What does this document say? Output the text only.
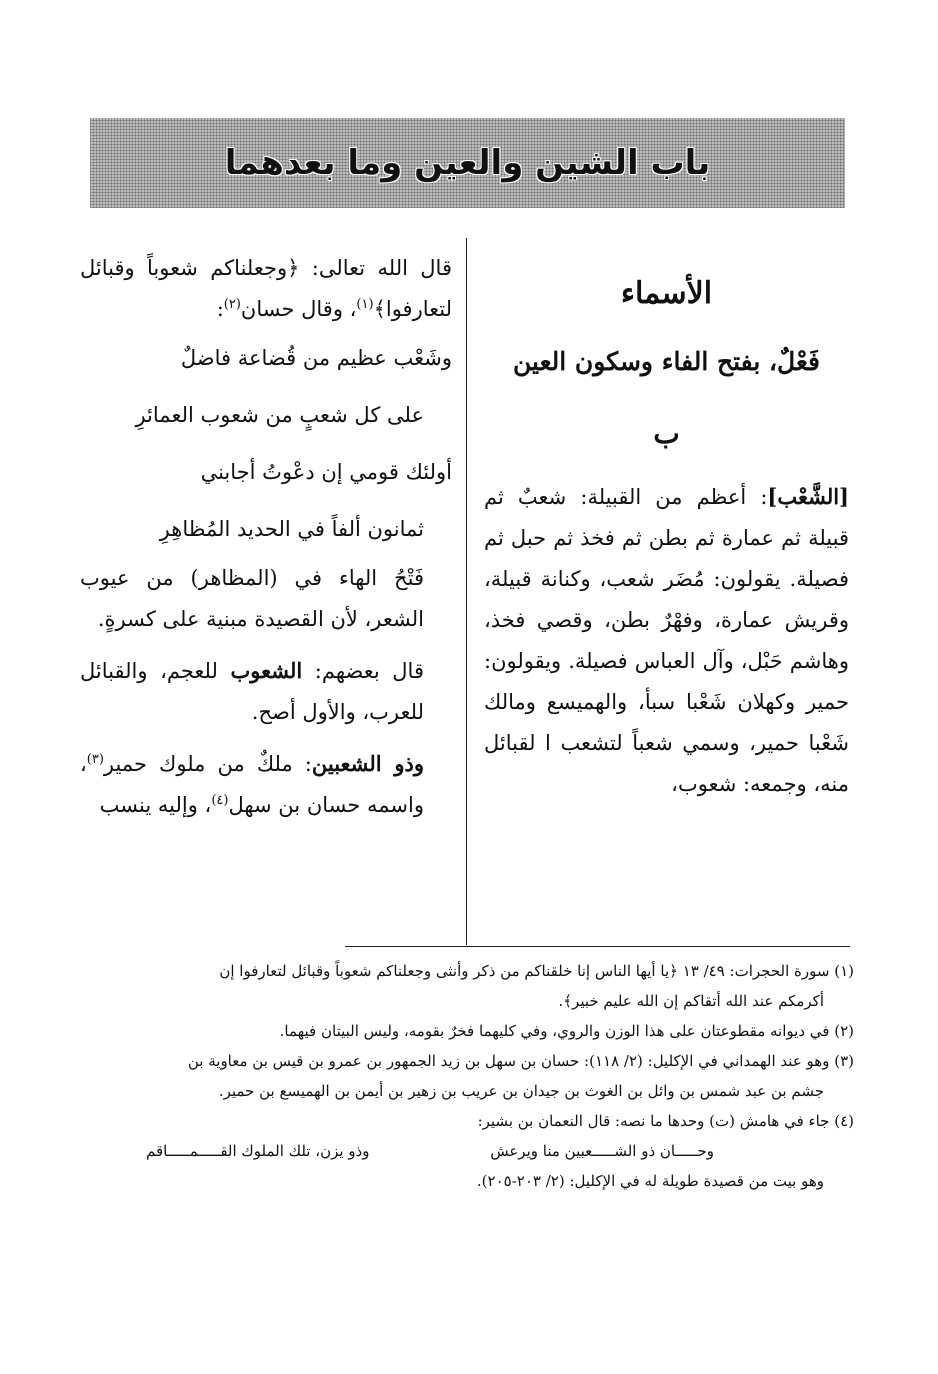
باب الشين والعين وما بعدهما
الأسماء
فَعْلٌ، بفتح الفاء وسكون العين
ب

[الشَّعْب]: أعظم من القبيلة: شعبٌ ثم قبيلة ثم عمارة ثم بطن ثم فخذ ثم حبل ثم فصيلة. يقولون: مُضَر شعب، وكنانة قبيلة، وقريش عمارة، وفهْرٌ بطن، وقصي فخذ، وهاشم حَبْل، وآل العباس فصيلة. ويقولون: حمير وكهلان شَعْبا سبأ، والهميسع ومالك شَعْبا حمير، وسمي شعباً لتشعب ا لقبائل منه، وجمعه: شعوب،

قال الله تعالى: ﴿وجعلناكم شعوباً وقبائل لتعارفوا﴾$^{(١)}$، وقال حسان$^{(٢)}$:

وشَعْب عظيم من قُضاعة فاضلٌ
على كل شعبٍ من شعوب العمائرِ
أولئك قومي إن دعْوتُ أجابني
ثمانون ألفاً في الحديد المُظاهِرِ

فَتْحُ الهاء في (المظاهر) من عيوب الشعر، لأن القصيدة مبنية على كسرةٍ.

قال بعضهم: الشعوب للعجم، والقبائل للعرب، والأول أصح.

وذو الشعبين: ملكٌ من ملوك حمير$^{(٣)}$، واسمه حسان بن سهل$^{(٤)}$، وإليه ينسب

(١) سورة الحجرات: ٤٩/ ١٣ ﴿يا أيها الناس إنا خلقناكم من ذكر وأنثى وجعلناكم شعوباً وقبائل لتعارفوا إن

أكرمكم عند الله أتقاكم إن الله عليم خبير﴾.

(٢) في ديوانه مقطوعتان على هذا الوزن والروي، وفي كليهما فخرٌ بقومه، وليس البيتان فيهما.

(٣) وهو عند الهمداني في الإكليل: (٢/ ١١٨): حسان بن سهل بن زيد الجمهور بن عمرو بن قيس بن معاوية بن

جشم بن عبد شمس بن وائل بن الغوث بن جيدان بن عريب بن زهير بن أيمن بن الهميسع بن حمير.

(٤) جاء في هامش (ت) وحدها ما نصه: قال النعمان بن بشير:

وحـــــان ذو الشـــــعبين منا ويرعش
وذو يزن، تلك الملوك القـــــمـــــاقم

وهو بيت من قصيدة طويلة له في الإكليل: (٢/ ٢٠٣-٢٠٥).
